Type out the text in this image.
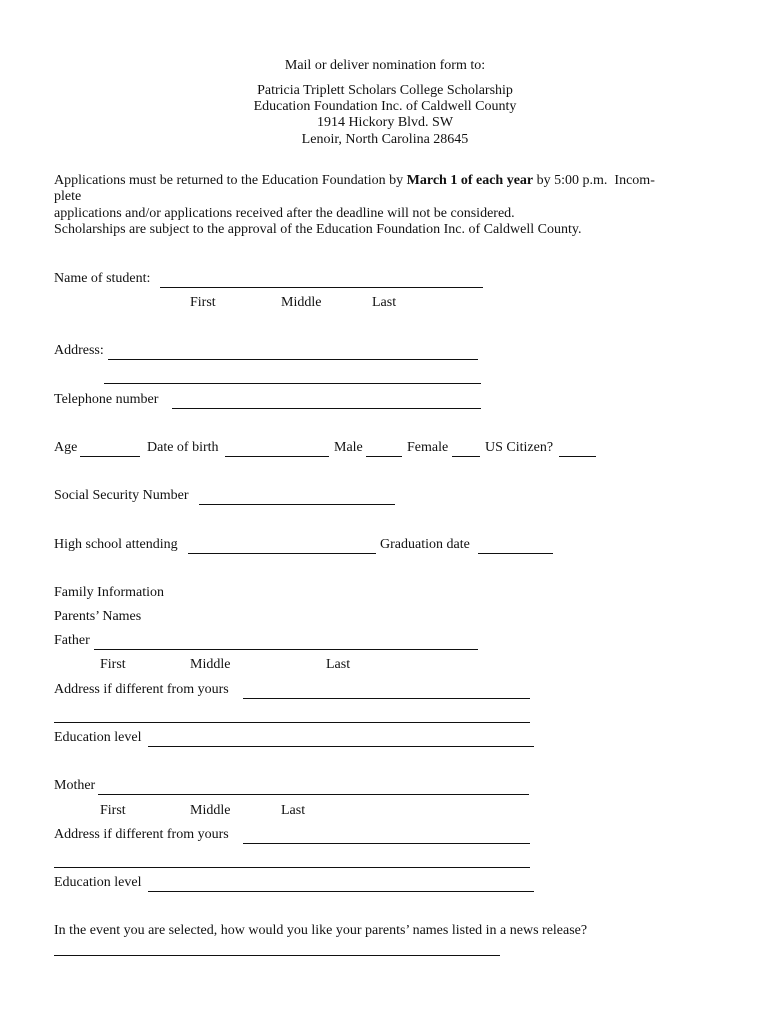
Mail or deliver nomination form to:
Patricia Triplett Scholars College Scholarship
Education Foundation Inc. of Caldwell County
1914 Hickory Blvd. SW
Lenoir, North Carolina 28645
Applications must be returned to the Education Foundation by March 1 of each year by 5:00 p.m.  Incom-
plete
applications and/or applications received after the deadline will not be considered.
Scholarships are subject to the approval of the Education Foundation Inc. of Caldwell County.
Name of student:
First	Middle	Last
Address:
Telephone number
Age	Date of birth	Male	Female	US Citizen?
Social Security Number
High school attending	Graduation date
Family Information
Parents’ Names
Father
First	Middle	Last
Address if different from yours
Education level
Mother
First	Middle	Last
Address if different from yours
Education level
In the event you are selected, how would you like your parents’ names listed in a news release?
